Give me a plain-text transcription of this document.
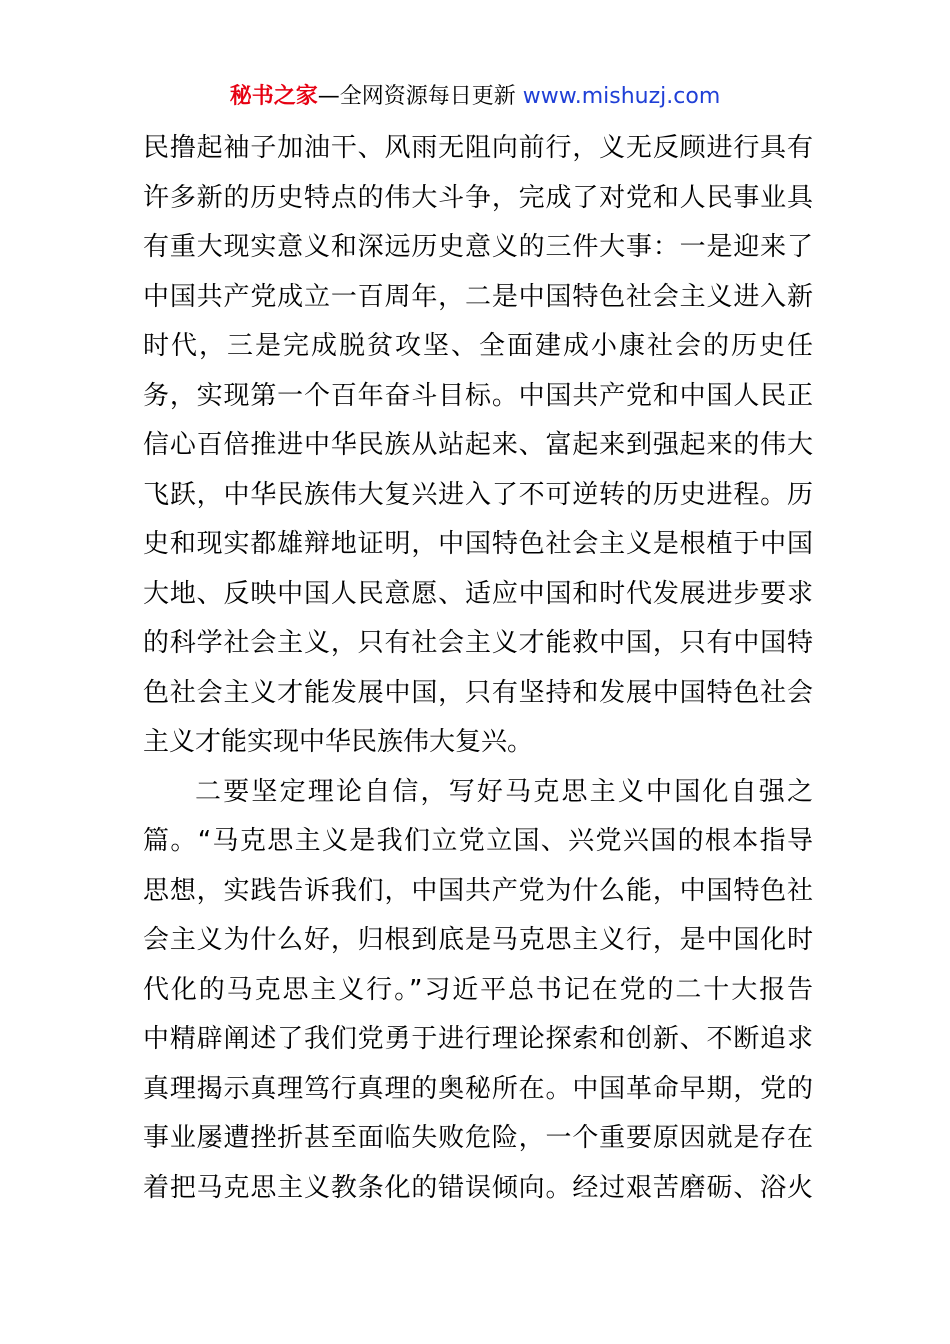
秘书之家—全网资源每日更新 www.mishuzj.com
民撸起袖子加油干、风雨无阻向前行，义无反顾进行具有
许多新的历史特点的伟大斗争，完成了对党和人民事业具
有重大现实意义和深远历史意义的三件大事：一是迎来了
中国共产党成立一百周年，二是中国特色社会主义进入新
时代，三是完成脱贫攻坚、全面建成小康社会的历史任
务，实现第一个百年奋斗目标。中国共产党和中国人民正
信心百倍推进中华民族从站起来、富起来到强起来的伟大
飞跃，中华民族伟大复兴进入了不可逆转的历史进程。历
史和现实都雄辩地证明，中国特色社会主义是根植于中国
大地、反映中国人民意愿、适应中国和时代发展进步要求
的科学社会主义，只有社会主义才能救中国，只有中国特
色社会主义才能发展中国，只有坚持和发展中国特色社会
主义才能实现中华民族伟大复兴。
二要坚定理论自信，写好马克思主义中国化自强之
篇。“马克思主义是我们立党立国、兴党兴国的根本指导
思想，实践告诉我们，中国共产党为什么能，中国特色社
会主义为什么好，归根到底是马克思主义行，是中国化时
代化的马克思主义行。”习近平总书记在党的二十大报告
中精辟阐述了我们党勇于进行理论探索和创新、不断追求
真理揭示真理笃行真理的奥秘所在。中国革命早期，党的
事业屡遭挫折甚至面临失败危险，一个重要原因就是存在
着把马克思主义教条化的错误倾向。经过艰苦磨砺、浴火
